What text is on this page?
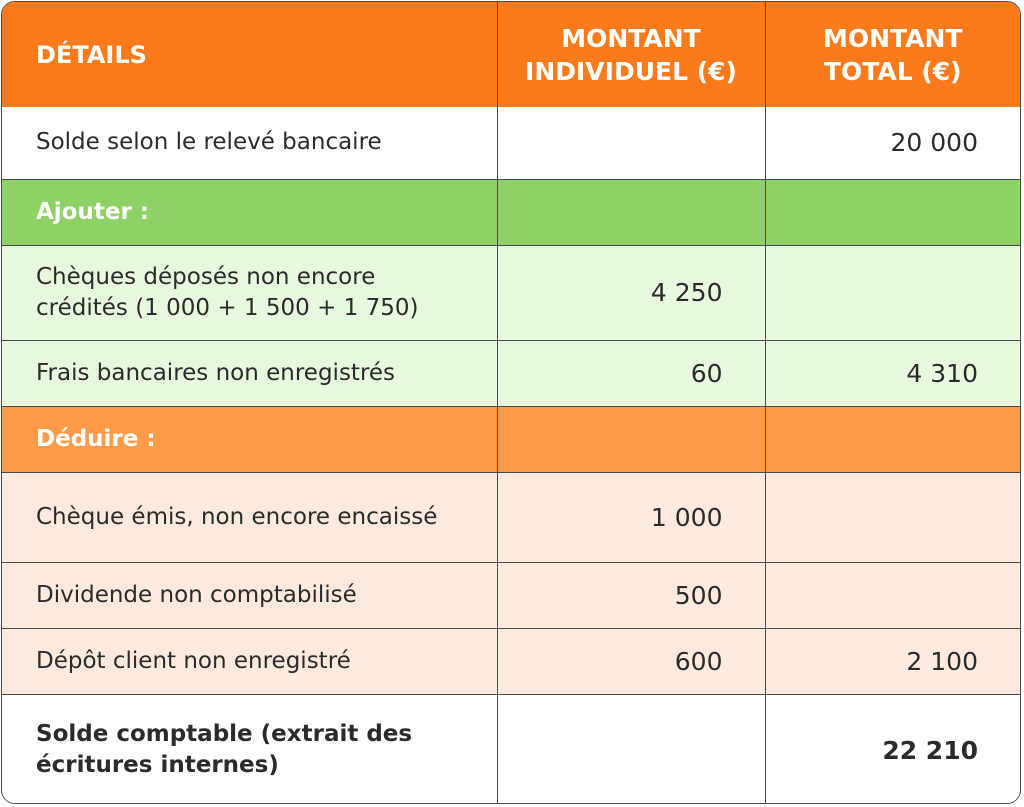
DÉTAILS	MONTANT INDIVIDUEL (€)	MONTANT TOTAL (€)
Solde selon le relevé bancaire		20 000
Ajouter :		
Chèques déposés non encore crédités (1 000 + 1 500 + 1 750)	4 250	
Frais bancaires non enregistrés	60	4 310
Déduire :		
Chèque émis, non encore encaissé	1 000	
Dividende non comptabilisé	500	
Dépôt client non enregistré	600	2 100
Solde comptable (extrait des écritures internes)		22 210
